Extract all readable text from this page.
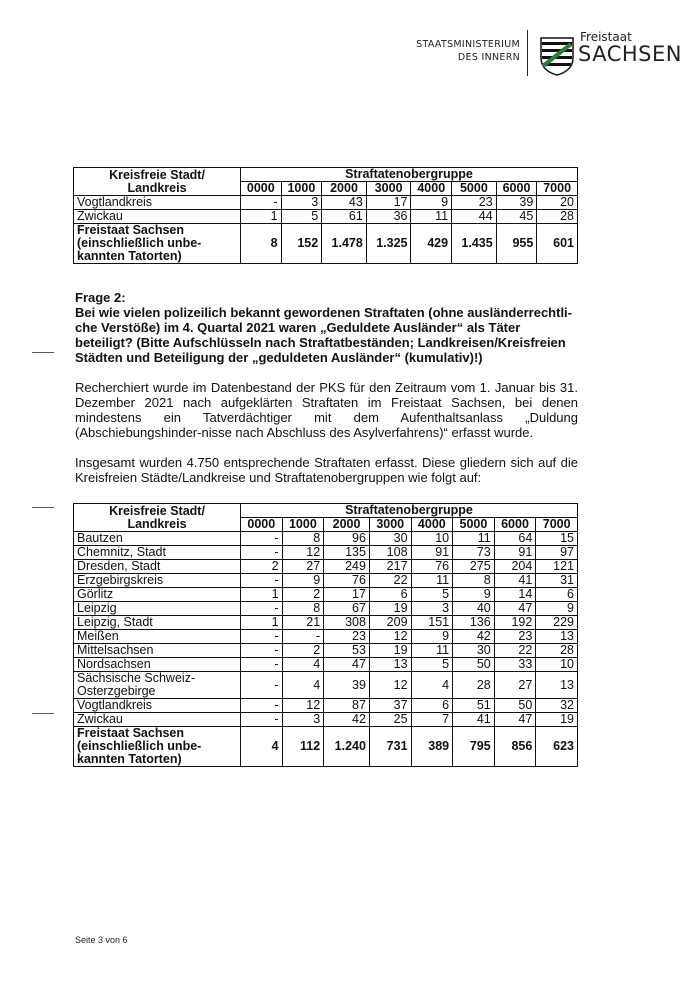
STAATSMINISTERIUM
DES INNERN
Freistaat
SACHSEN
Kreisfreie Stadt/
Landkreis	Straftatenobergruppe							
	0000	1000	2000	3000	4000	5000	6000	7000
Vogtlandkreis	-	3	43	17	9	23	39	20
Zwickau	1	5	61	36	11	44	45	28
Freistaat Sachsen
(einschließlich unbe-
kannten Tatorten)	8	152	1.478	1.325	429	1.435	955	601

Frage 2:

Bei wie vielen polizeilich bekannt gewordenen Straftaten (ohne ausländerrechtli-che Verstöße) im 4. Quartal 2021 waren „Geduldete Ausländer“ als Täter beteiligt? (Bitte Aufschlüsseln nach Straftatbeständen; Landkreisen/Kreisfreien Städten und Beteiligung der „geduldeten Ausländer“ (kumulativ)!)

Recherchiert wurde im Datenbestand der PKS für den Zeitraum vom 1. Januar bis 31. Dezember 2021 nach aufgeklärten Straftaten im Freistaat Sachsen, bei denen mindestens ein Tatverdächtiger mit dem Aufenthaltsanlass „Duldung (Abschiebungshinder-nisse nach Abschluss des Asylverfahrens)“ erfasst wurde.
Insgesamt wurden 4.750 entsprechende Straftaten erfasst. Diese gliedern sich auf die Kreisfreien Städte/Landkreise und Straftatenobergruppen wie folgt auf:
Kreisfreie Stadt/
Landkreis	Straftatenobergruppe							
	0000	1000	2000	3000	4000	5000	6000	7000
Bautzen	-	8	96	30	10	11	64	15
Chemnitz, Stadt	-	12	135	108	91	73	91	97
Dresden, Stadt	2	27	249	217	76	275	204	121
Erzgebirgskreis	-	9	76	22	11	8	41	31
Görlitz	1	2	17	6	5	9	14	6
Leipzig	-	8	67	19	3	40	47	9
Leipzig, Stadt	1	21	308	209	151	136	192	229
Meißen	-	-	23	12	9	42	23	13
Mittelsachsen	-	2	53	19	11	30	22	28
Nordsachsen	-	4	47	13	5	50	33	10
Sächsische Schweiz-
Osterzgebirge	-	4	39	12	4	28	27	13
Vogtlandkreis	-	12	87	37	6	51	50	32
Zwickau	-	3	42	25	7	41	47	19
Freistaat Sachsen
(einschließlich unbe-
kannten Tatorten)	4	112	1.240	731	389	795	856	623
Seite 3 von 6
